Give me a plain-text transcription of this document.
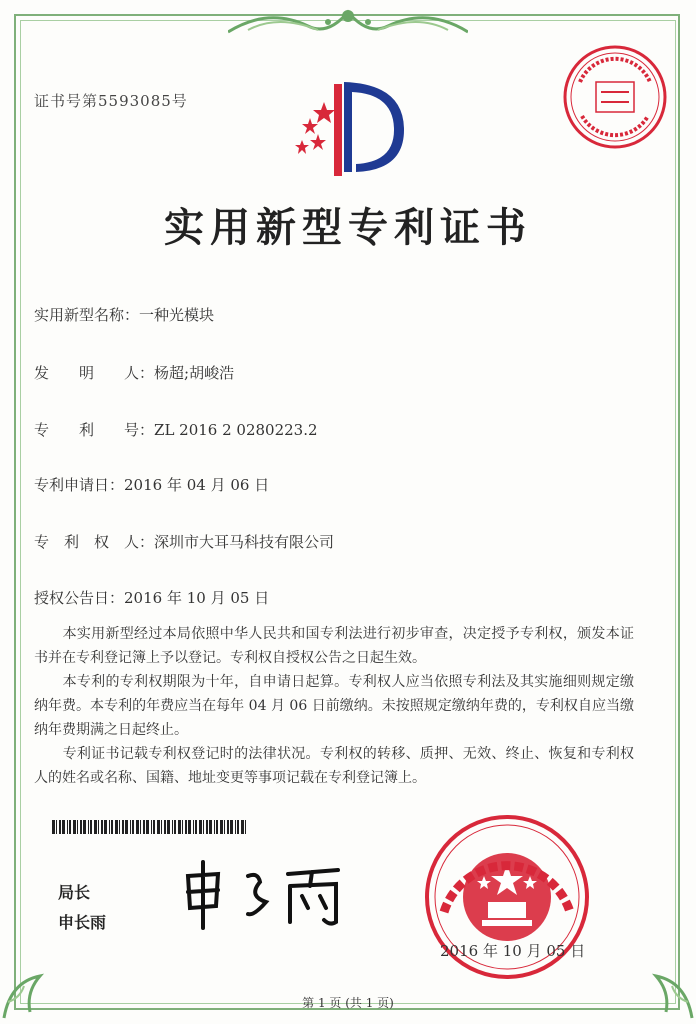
证书号第5593085号
实用新型专利证书
实用新型名称：一种光模块
发　　明　　人：杨超;胡峻浩
专　　利　　号：ZL 2016 2 0280223.2
专利申请日：2016 年 04 月 06 日
专　利　权　人：深圳市大耳马科技有限公司
授权公告日：2016 年 10 月 05 日
　　本实用新型经过本局依照中华人民共和国专利法进行初步审查，决定授予专利权，颁发本证书并在专利登记簿上予以登记。专利权自授权公告之日起生效。
　　本专利的专利权期限为十年，自申请日起算。专利权人应当依照专利法及其实施细则规定缴纳年费。本专利的年费应当在每年 04 月 06 日前缴纳。未按照规定缴纳年费的，专利权自应当缴纳年费期满之日起终止。
　　专利证书记载专利权登记时的法律状况。专利权的转移、质押、无效、终止、恢复和专利权人的姓名或名称、国籍、地址变更等事项记载在专利登记簿上。
局长
申长雨
2016 年 10 月 05 日
第 1 页 (共 1 页)
